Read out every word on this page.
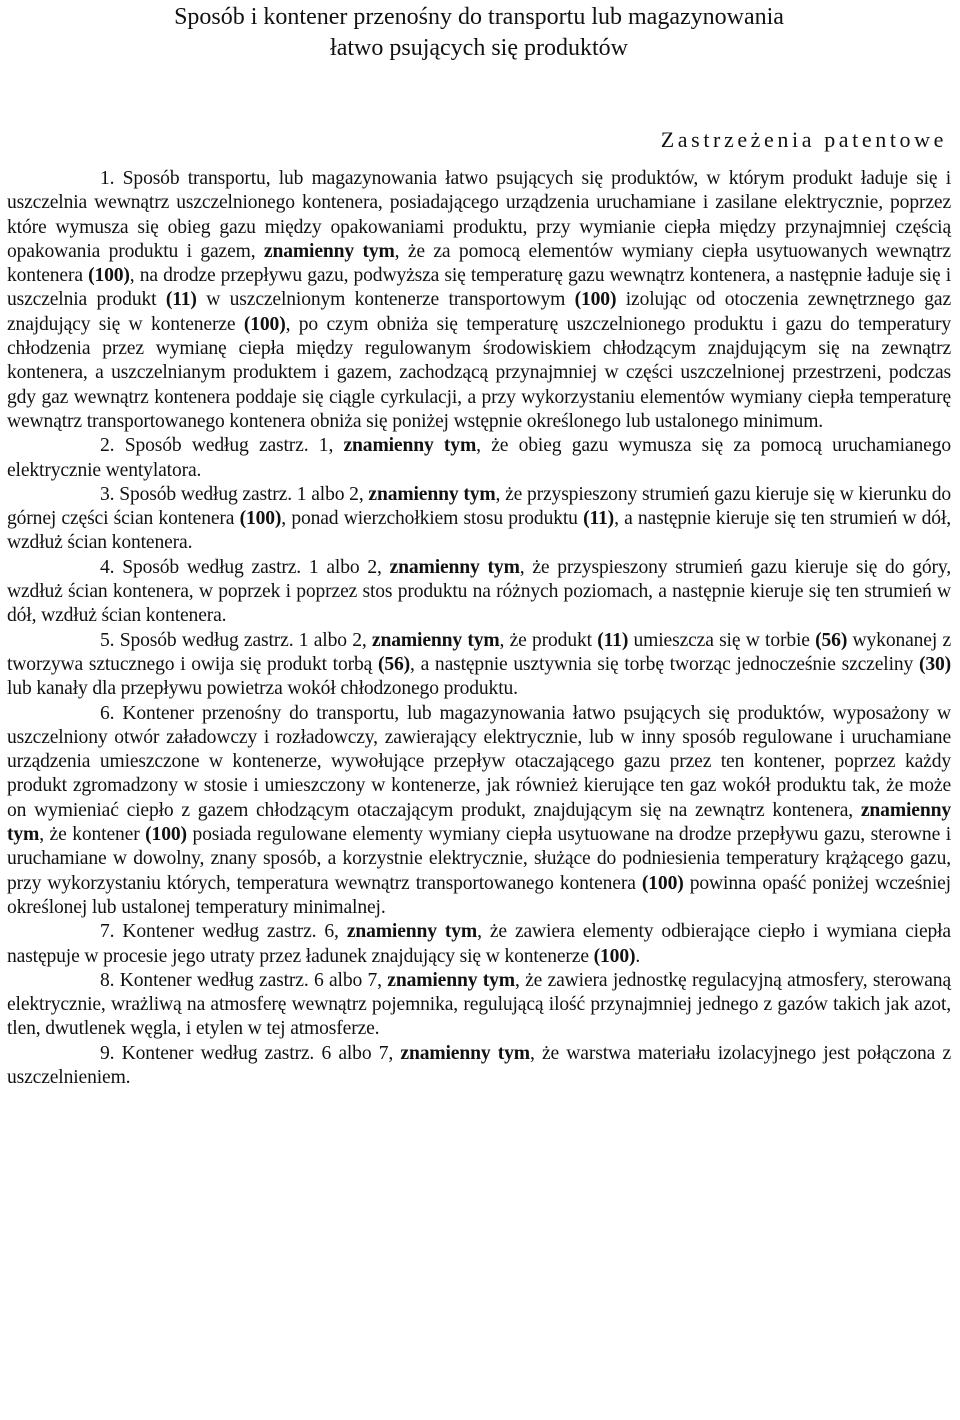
Sposób i kontener przenośny do transportu lub magazynowania
łatwo psujących się produktów
Zastrzeżenia patentowe

1. Sposób transportu, lub magazynowania łatwo psujących się produktów, w którym produkt ładuje się i uszczelnia wewnątrz uszczelnionego kontenera, posiadającego urządzenia uruchamiane i zasilane elektrycznie, poprzez które wymusza się obieg gazu między opakowaniami produktu, przy wymianie ciepła między przynajmniej częścią opakowania produktu i gazem, znamienny tym, że za pomocą elementów wymiany ciepła usytuowanych wewnątrz kontenera (100), na drodze przepływu gazu, podwyższa się temperaturę gazu wewnątrz kontenera, a następnie ładuje się i uszczelnia produkt (11) w uszczelnionym kontenerze transportowym (100) izolując od otoczenia zewnętrznego gaz znajdujący się w kontenerze (100), po czym obniża się temperaturę uszczelnionego produktu i gazu do temperatury chłodzenia przez wymianę ciepła między regulowanym środowiskiem chłodzącym znajdującym się na zewnątrz kontenera, a uszczelnianym produktem i gazem, zachodzącą przynajmniej w części uszczelnionej przestrzeni, podczas gdy gaz wewnątrz kontenera poddaje się ciągle cyrkulacji, a przy wykorzystaniu elementów wymiany ciepła temperaturę wewnątrz transportowanego kontenera obniża się poniżej wstępnie określonego lub ustalonego minimum.

2. Sposób według zastrz. 1, znamienny tym, że obieg gazu wymusza się za pomocą uruchamianego elektrycznie wentylatora.

3. Sposób według zastrz. 1 albo 2, znamienny tym, że przyspieszony strumień gazu kieruje się w kierunku do górnej części ścian kontenera (100), ponad wierzchołkiem stosu produktu (11), a następnie kieruje się ten strumień w dół, wzdłuż ścian kontenera.

4. Sposób według zastrz. 1 albo 2, znamienny tym, że przyspieszony strumień gazu kieruje się do góry, wzdłuż ścian kontenera, w poprzek i poprzez stos produktu na różnych poziomach, a następnie kieruje się ten strumień w dół, wzdłuż ścian kontenera.

5. Sposób według zastrz. 1 albo 2, znamienny tym, że produkt (11) umieszcza się w torbie (56) wykonanej z tworzywa sztucznego i owija się produkt torbą (56), a następnie usztywnia się torbę tworząc jednocześnie szczeliny (30) lub kanały dla przepływu powietrza wokół chłodzonego produktu.

6. Kontener przenośny do transportu, lub magazynowania łatwo psujących się produktów, wyposażony w uszczelniony otwór załadowczy i rozładowczy, zawierający elektrycznie, lub w inny sposób regulowane i uruchamiane urządzenia umieszczone w kontenerze, wywołujące przepływ otaczającego gazu przez ten kontener, poprzez każdy produkt zgromadzony w stosie i umieszczony w kontenerze, jak również kierujące ten gaz wokół produktu tak, że może on wymieniać ciepło z gazem chłodzącym otaczającym produkt, znajdującym się na zewnątrz kontenera, znamienny tym, że kontener (100) posiada regulowane elementy wymiany ciepła usytuowane na drodze przepływu gazu, sterowne i uruchamiane w dowolny, znany sposób, a korzystnie elektrycznie, służące do podniesienia temperatury krążącego gazu, przy wykorzystaniu których, temperatura wewnątrz transportowanego kontenera (100) powinna opaść poniżej wcześniej określonej lub ustalonej temperatury minimalnej.

7. Kontener według zastrz. 6, znamienny tym, że zawiera elementy odbierające ciepło i wymiana ciepła następuje w procesie jego utraty przez ładunek znajdujący się w kontenerze (100).

8. Kontener według zastrz. 6 albo 7, znamienny tym, że zawiera jednostkę regulacyjną atmosfery, sterowaną elektrycznie, wrażliwą na atmosferę wewnątrz pojemnika, regulującą ilość przynajmniej jednego z gazów takich jak azot, tlen, dwutlenek węgla, i etylen w tej atmosferze.

9. Kontener według zastrz. 6 albo 7, znamienny tym, że warstwa materiału izolacyjnego jest połączona z uszczelnieniem.
